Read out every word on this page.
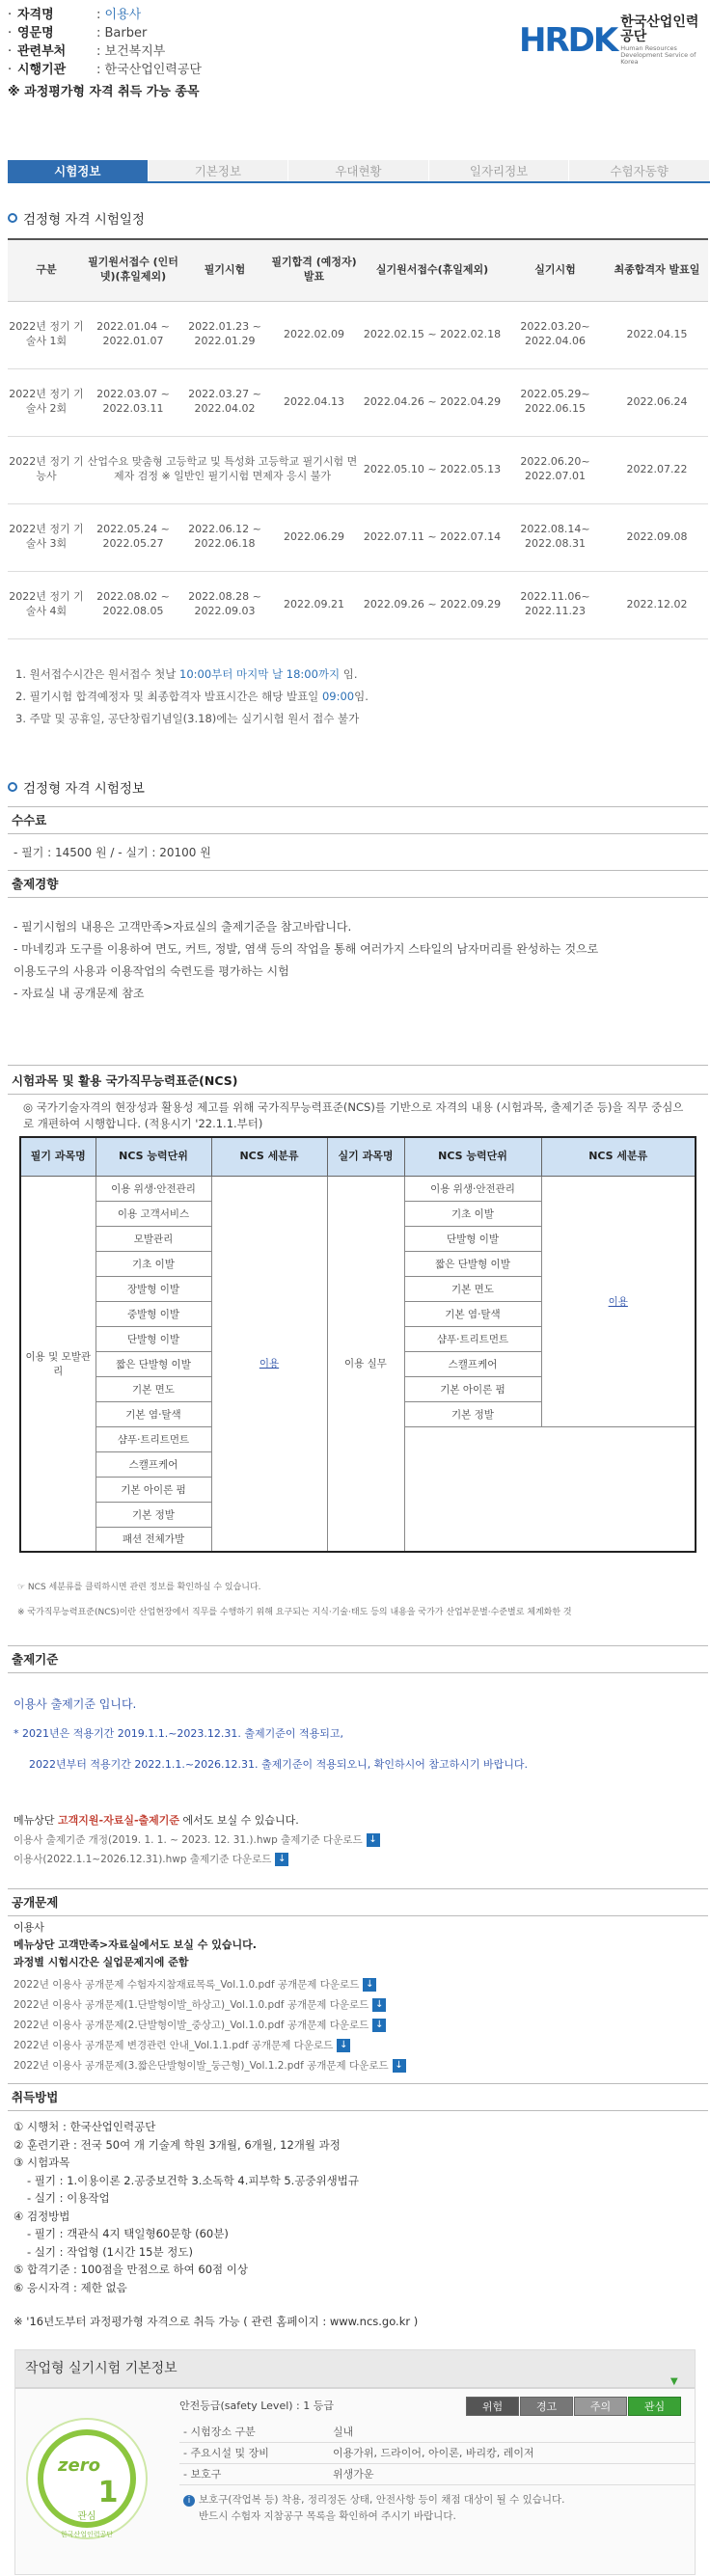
· 자격명	: 이용사
· 영문명	: Barber
· 관련부처 : 보건복지부
· 시행기관 : 한국산업인력공단
※ 과정평가형 자격 취득 가능 종목
HRDK 한국산업인력공단
Human Resources Development Service of Korea
시험정보	기본정보	우대현황	일자리정보	수험자동향
검정형 자격 시험일정
구분	필기원서접수 (인터넷)(휴일제외)	필기시험	필기합격 (예정자)발표	실기원서접수(휴일제외)	실기시험	최종합격자 발표일
2022년 정기 기술사 1회	2022.01.04 ~ 2022.01.07	2022.01.23 ~ 2022.01.29	2022.02.09	2022.02.15 ~ 2022.02.18	2022.03.20~ 2022.04.06	2022.04.15
2022년 정기 기술사 2회	2022.03.07 ~ 2022.03.11	2022.03.27 ~ 2022.04.02	2022.04.13	2022.04.26 ~ 2022.04.29	2022.05.29~ 2022.06.15	2022.06.24
2022년 정기 기능사	산업수요 맞춤형 고등학교 및 특성화 고등학교 필기시험 면제자 검정 ※ 일반인 필기시험 면제자 응시 불가			2022.05.10 ~ 2022.05.13	2022.06.20~ 2022.07.01	2022.07.22
2022년 정기 기술사 3회	2022.05.24 ~ 2022.05.27	2022.06.12 ~ 2022.06.18	2022.06.29	2022.07.11 ~ 2022.07.14	2022.08.14~ 2022.08.31	2022.09.08
2022년 정기 기술사 4회	2022.08.02 ~ 2022.08.05	2022.08.28 ~ 2022.09.03	2022.09.21	2022.09.26 ~ 2022.09.29	2022.11.06~ 2022.11.23	2022.12.02
1. 원서접수시간은 원서접수 첫날 10:00부터 마지막 날 18:00까지 임.
2. 필기시험 합격예정자 및 최종합격자 발표시간은 해당 발표일 09:00임.
3. 주말 및 공휴일, 공단창립기념일(3.18)에는 실기시험 원서 접수 불가
검정형 자격 시험정보
수수료
- 필기 : 14500 원 / - 실기 : 20100 원
출제경향
- 필기시험의 내용은 고객만족>자료실의 출제기준을 참고바랍니다.
- 마네킹과 도구를 이용하여 면도, 커트, 정발, 염색 등의 작업을 통해 여러가지 스타일의 남자머리를 완성하는 것으로
이용도구의 사용과 이용작업의 숙련도를 평가하는 시험
- 자료실 내 공개문제 참조
시험과목 및 활용 국가직무능력표준(NCS)
◎ 국가기술자격의 현장성과 활용성 제고를 위해 국가직무능력표준(NCS)를 기반으로 자격의 내용 (시험과목, 출제기준 등)을 직무 중심으로 개편하여 시행합니다. (적용시기 '22.1.1.부터)
필기 과목명	NCS 능력단위	NCS 세분류	실기 과목명	NCS 능력단위	NCS 세분류
이용 및 모발관리	이용 위생·안전관리	이용	이용 실무	이용 위생·안전관리	이용
	이용 고객서비스			기초 이발	
	모발관리			단발형 이발	
	기초 이발			짧은 단발형 이발	
	장발형 이발			기본 면도	
	중발형 이발			기본 염·탈색	
	단발형 이발			샴푸·트리트먼트	
	짧은 단발형 이발			스캘프케어	
	기본 면도			기본 아이론 펌	
	기본 염·탈색			기본 정발	
	샴푸·트리트먼트				
	스캘프케어				
	기본 아이론 펌				
	기본 정발				
	패션 전체가발				
☞ NCS 세분류를 클릭하시면 관련 정보를 확인하실 수 있습니다.
※ 국가직무능력표준(NCS)이란 산업현장에서 직무를 수행하기 위해 요구되는 지식·기술·태도 등의 내용을 국가가 산업부문별·수준별로 체계화한 것
출제기준
이용사 출제기준 입니다.
* 2021년은 적용기간 2019.1.1.~2023.12.31. 출제기준이 적용되고,
2022년부터 적용기간 2022.1.1.~2026.12.31. 출제기준이 적용되오니, 확인하시어 참고하시기 바랍니다.
메뉴상단 고객지원-자료실-출제기준 에서도 보실 수 있습니다.
이용사 출제기준 개정(2019. 1. 1. ~ 2023. 12. 31.).hwp 출제기준 다운로드 ↓
이용사(2022.1.1~2026.12.31).hwp 출제기준 다운로드 ↓
공개문제
이용사
메뉴상단 고객만족>자료실에서도 보실 수 있습니다.
과정별 시험시간은 실업문제지에 준함
2022년 이용사 공개문제 수험자지참재료목록_Vol.1.0.pdf 공개문제 다운로드 ↓
2022년 이용사 공개문제(1.단발형이발_하상고)_Vol.1.0.pdf 공개문제 다운로드 ↓
2022년 이용사 공개문제(2.단발형이발_중상고)_Vol.1.0.pdf 공개문제 다운로드 ↓
2022년 이용사 공개문제 변경관련 안내_Vol.1.1.pdf 공개문제 다운로드 ↓
2022년 이용사 공개문제(3.짧은단발형이발_둥근형)_Vol.1.2.pdf 공개문제 다운로드 ↓
취득방법
① 시행처 : 한국산업인력공단
② 훈련기관 : 전국 50여 개 기술계 학원 3개월, 6개월, 12개월 과정
③ 시험과목
- 필기 : 1.이용이론 2.공중보건학 3.소독학 4.피부학 5.공중위생법규
- 실기 : 이용작업
④ 검정방법
- 필기 : 객관식 4지 택일형60문항 (60분)
- 실기 : 작업형 (1시간 15분 정도)
⑤ 합격기준 : 100점을 만점으로 하여 60점 이상
⑥ 응시자격 : 제한 없음
※ '16년도부터 과정평가형 자격으로 취득 가능 ( 관련 홈페이지 : www.ncs.go.kr )
작업형 실기시험 기본정보
zero
1
관심
한국산업인력공단
안전등급(safety Level) : 1 등급
▼
위험	경고	주의	관심
- 시험장소 구분	실내
- 주요시설 및 장비	이용가위, 드라이어, 아이론, 바리캉, 레이저
- 보호구	위생가운
i 보호구(작업복 등) 착용, 정리정돈 상태, 안전사항 등이 채점 대상이 될 수 있습니다.
반드시 수험자 지참공구 목록을 확인하여 주시기 바랍니다.
